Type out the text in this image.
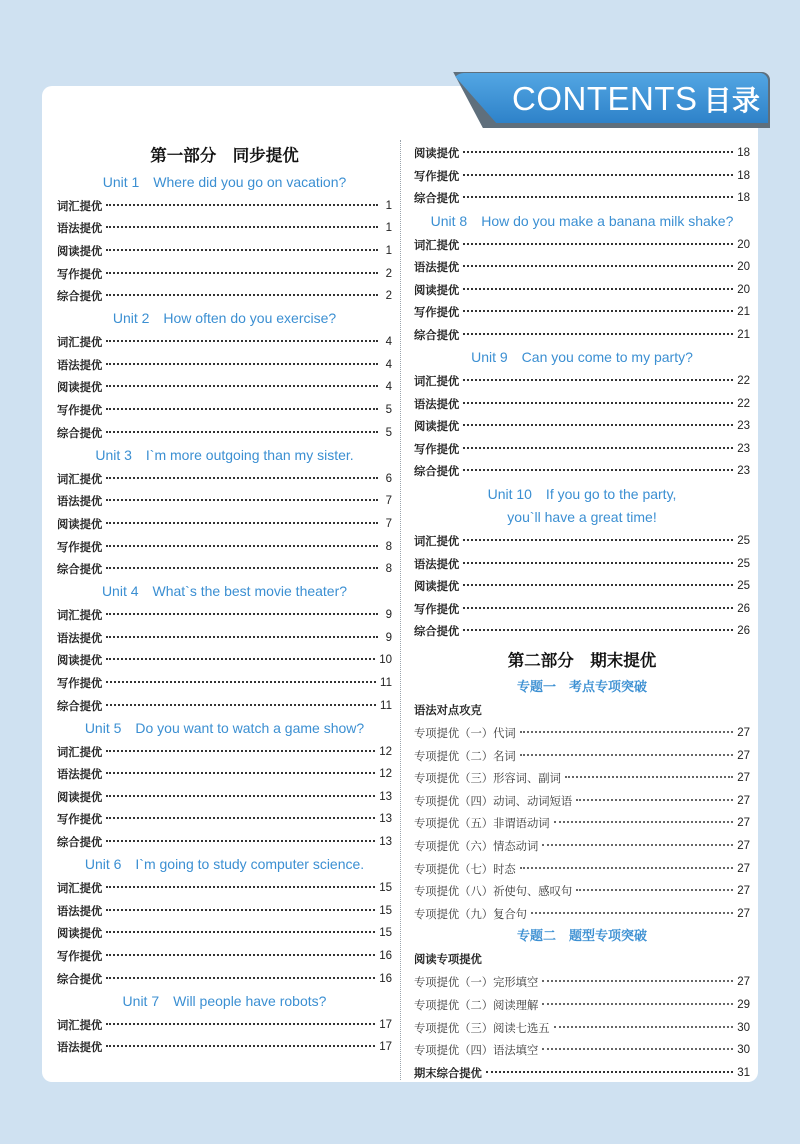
CONTENTS 目录
第一部分　同步提优
Unit 1　Where did you go on vacation?
词汇提优	1
语法提优	1
阅读提优	1
写作提优	2
综合提优	2
Unit 2　How often do you exercise?
词汇提优	4
语法提优	4
阅读提优	4
写作提优	5
综合提优	5
Unit 3　I`m more outgoing than my sister.
词汇提优	6
语法提优	7
阅读提优	7
写作提优	8
综合提优	8
Unit 4　What`s the best movie theater?
词汇提优	9
语法提优	9
阅读提优	10
写作提优	11
综合提优	11
Unit 5　Do you want to watch a game show?
词汇提优	12
语法提优	12
阅读提优	13
写作提优	13
综合提优	13
Unit 6　I`m going to study computer science.
词汇提优	15
语法提优	15
阅读提优	15
写作提优	16
综合提优	16
Unit 7　Will people have robots?
词汇提优	17
语法提优	17
阅读提优	18
写作提优	18
综合提优	18
Unit 8　How do you make a banana milk shake?
词汇提优	20
语法提优	20
阅读提优	20
写作提优	21
综合提优	21
Unit 9　Can you come to my party?
词汇提优	22
语法提优	22
阅读提优	23
写作提优	23
综合提优	23
Unit 10　If you go to the party,
you`ll have a great time!
词汇提优	25
语法提优	25
阅读提优	25
写作提优	26
综合提优	26
第二部分　期末提优
专题一　考点专项突破
语法对点攻克
专项提优（一）代词	27
专项提优（二）名词	27
专项提优（三）形容词、副词	27
专项提优（四）动词、动词短语	27
专项提优（五）非谓语动词	27
专项提优（六）情态动词	27
专项提优（七）时态	27
专项提优（八）祈使句、感叹句	27
专项提优（九）复合句	27
专题二　题型专项突破
阅读专项提优
专项提优（一）完形填空	27
专项提优（二）阅读理解	29
专项提优（三）阅读七选五	30
专项提优（四）语法填空	30
期末综合提优	31
